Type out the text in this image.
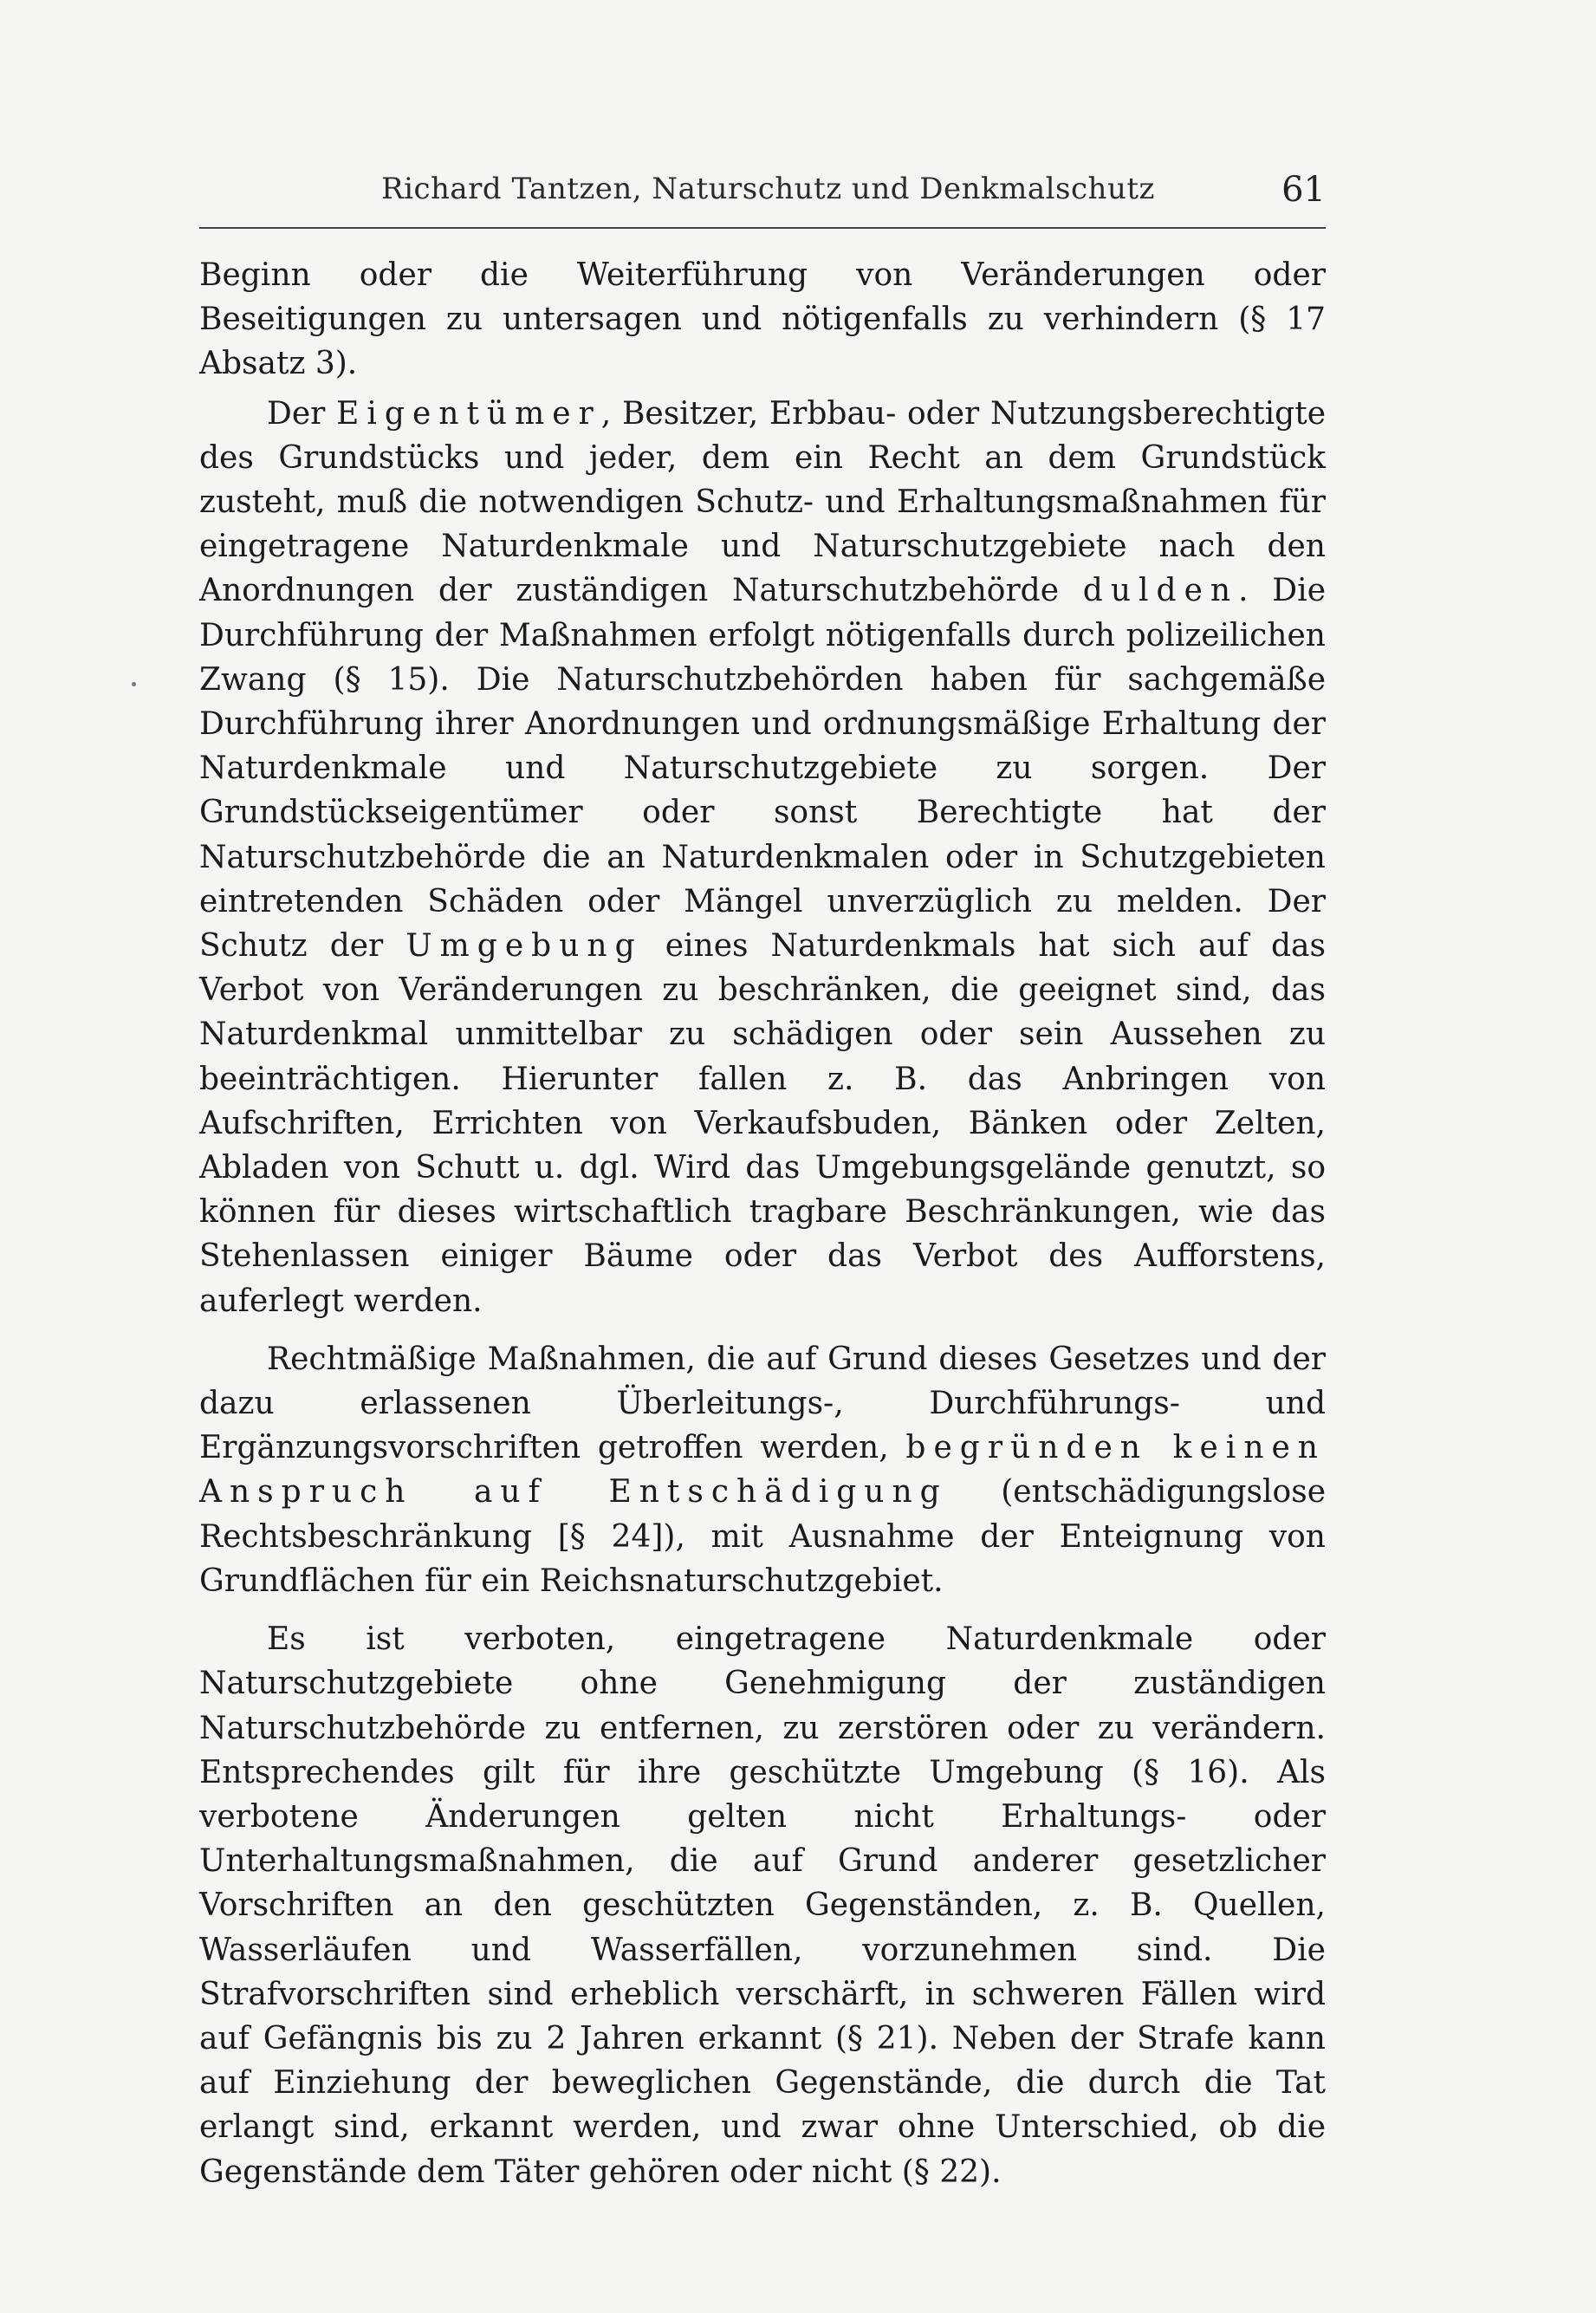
Richard Tantzen, Naturschutz und Denkmalschutz	61

Beginn oder die Weiterführung von Veränderungen oder Beseitigungen zu untersagen und nötigenfalls zu verhindern (§ 17 Absatz 3).

Der Eigentümer, Besitzer, Erbbau- oder Nutzungsberechtigte des Grundstücks und jeder, dem ein Recht an dem Grundstück zusteht, muß die notwendigen Schutz- und Erhaltungsmaßnahmen für eingetragene Naturdenkmale und Naturschutzgebiete nach den Anordnungen der zuständigen Naturschutzbehörde dulden. Die Durchführung der Maßnahmen erfolgt nötigenfalls durch polizeilichen Zwang (§ 15). Die Naturschutzbehörden haben für sachgemäße Durchführung ihrer Anordnungen und ordnungsmäßige Erhaltung der Naturdenkmale und Naturschutzgebiete zu sorgen. Der Grundstückseigentümer oder sonst Berechtigte hat der Naturschutzbehörde die an Naturdenkmalen oder in Schutzgebieten eintretenden Schäden oder Mängel unverzüglich zu melden. Der Schutz der Umgebung eines Naturdenkmals hat sich auf das Verbot von Veränderungen zu beschränken, die geeignet sind, das Naturdenkmal unmittelbar zu schädigen oder sein Aussehen zu beeinträchtigen. Hierunter fallen z. B. das Anbringen von Aufschriften, Errichten von Verkaufsbuden, Bänken oder Zelten, Abladen von Schutt u. dgl. Wird das Umgebungsgelände genutzt, so können für dieses wirtschaftlich tragbare Beschränkungen, wie das Stehenlassen einiger Bäume oder das Verbot des Aufforstens, auferlegt werden.

Rechtmäßige Maßnahmen, die auf Grund dieses Gesetzes und der dazu erlassenen Überleitungs-, Durchführungs- und Ergänzungsvorschriften getroffen werden, begründen keinen Anspruch auf Entschädigung (entschädigungslose Rechtsbeschränkung [§ 24]), mit Ausnahme der Enteignung von Grundflächen für ein Reichsnaturschutzgebiet.

Es ist verboten, eingetragene Naturdenkmale oder Naturschutzgebiete ohne Genehmigung der zuständigen Naturschutzbehörde zu entfernen, zu zerstören oder zu verändern. Entsprechendes gilt für ihre geschützte Umgebung (§ 16). Als verbotene Änderungen gelten nicht Erhaltungs- oder Unterhaltungsmaßnahmen, die auf Grund anderer gesetzlicher Vorschriften an den geschützten Gegenständen, z. B. Quellen, Wasserläufen und Wasserfällen, vorzunehmen sind. Die Strafvorschriften sind erheblich verschärft, in schweren Fällen wird auf Gefängnis bis zu 2 Jahren erkannt (§ 21). Neben der Strafe kann auf Einziehung der beweglichen Gegenstände, die durch die Tat erlangt sind, erkannt werden, und zwar ohne Unterschied, ob die Gegenstände dem Täter gehören oder nicht (§ 22).
